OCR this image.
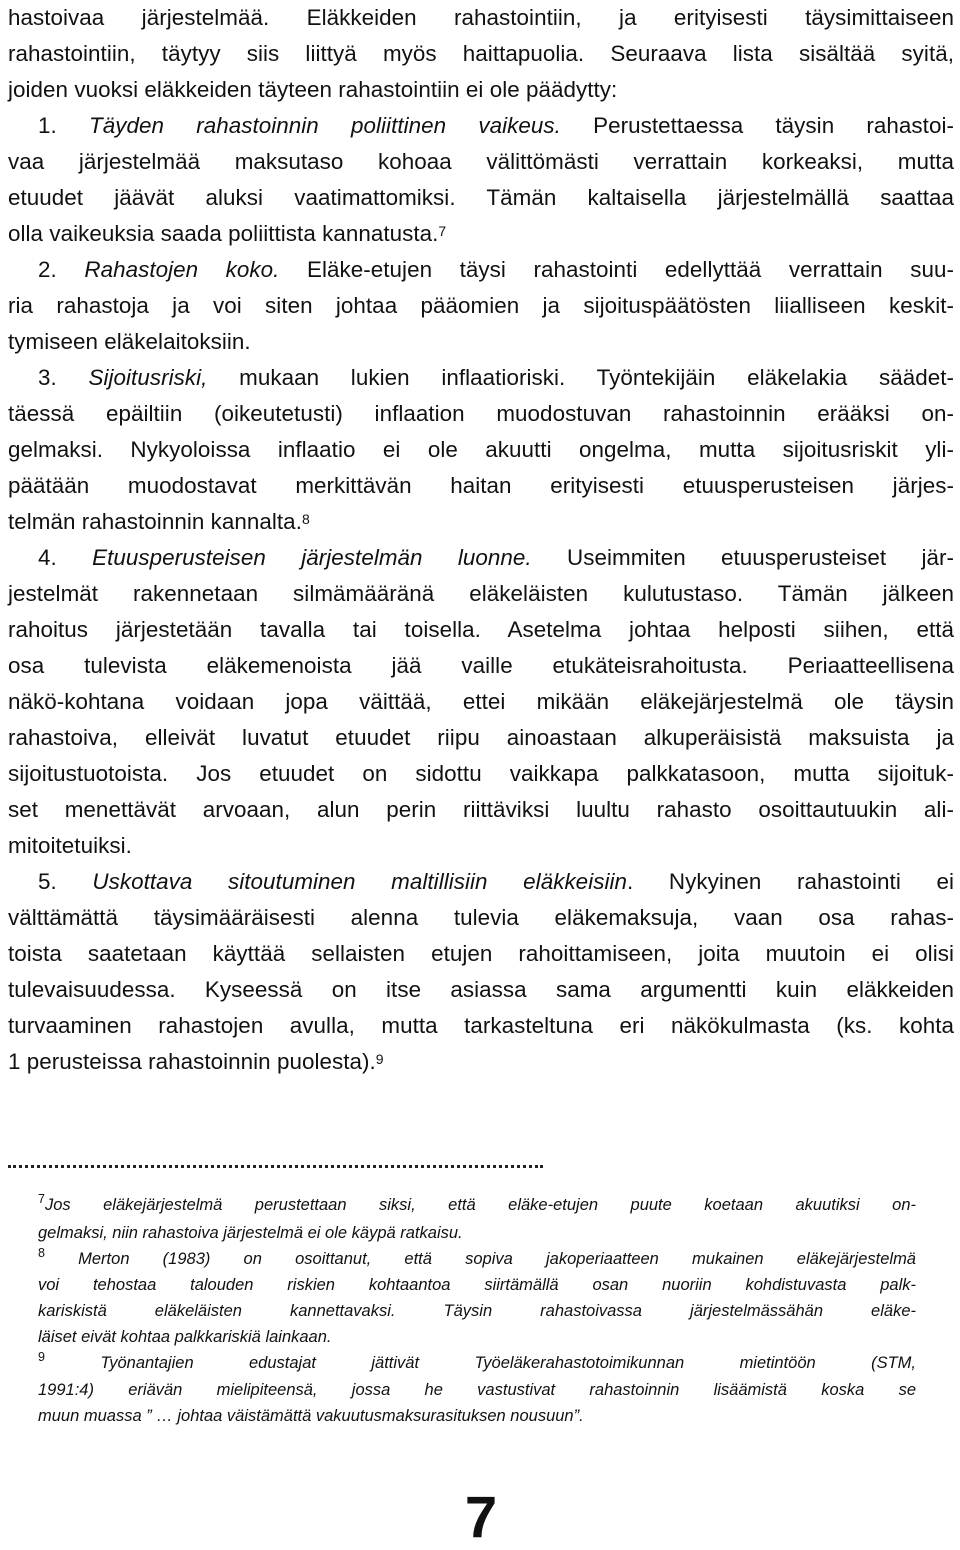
hastoivaa järjestelmää. Eläkkeiden rahastointiin, ja erityisesti täysimittaiseen
rahastointiin, täytyy siis liittyä myös haittapuolia. Seuraava lista sisältää syitä,
joiden vuoksi eläkkeiden täyteen rahastointiin ei ole päädytty:
1. Täyden rahastoinnin poliittinen vaikeus. Perustettaessa täysin rahastoi-
vaa järjestelmää maksutaso kohoaa välittömästi verrattain korkeaksi, mutta
etuudet jäävät aluksi vaatimattomiksi. Tämän kaltaisella järjestelmällä saattaa
olla vaikeuksia saada poliittista kannatusta.$^7$
2. Rahastojen koko. Eläke-etujen täysi rahastointi edellyttää verrattain suu-
ria rahastoja ja voi siten johtaa pääomien ja sijoituspäätösten liialliseen keskit-
tymiseen eläkelaitoksiin.
3. Sijoitusriski, mukaan lukien inflaatioriski. Työntekijäin eläkelakia säädet-
täessä epäiltiin (oikeutetusti) inflaation muodostuvan rahastoinnin erääksi on-
gelmaksi. Nykyoloissa inflaatio ei ole akuutti ongelma, mutta sijoitusriskit yli-
päätään muodostavat merkittävän haitan erityisesti etuusperusteisen järjes-
telmän rahastoinnin kannalta.$^8$
4. Etuusperusteisen järjestelmän luonne. Useimmiten etuusperusteiset jär-
jestelmät rakennetaan silmämääränä eläkeläisten kulutustaso. Tämän jälkeen
rahoitus järjestetään tavalla tai toisella. Asetelma johtaa helposti siihen, että
osa tulevista eläkemenoista jää vaille etukäteisrahoitusta. Periaatteellisena
näkö-kohtana voidaan jopa väittää, ettei mikään eläkejärjestelmä ole täysin
rahastoiva, elleivät luvatut etuudet riipu ainoastaan alkuperäisistä maksuista ja
sijoitustuotoista. Jos etuudet on sidottu vaikkapa palkkatasoon, mutta sijoituk-
set menettävät arvoaan, alun perin riittäviksi luultu rahasto osoittautuukin ali-
mitoitetuiksi.
5. Uskottava sitoutuminen maltillisiin eläkkeisiin. Nykyinen rahastointi ei
välttämättä täysimääräisesti alenna tulevia eläkemaksuja, vaan osa rahas-
toista saatetaan käyttää sellaisten etujen rahoittamiseen, joita muutoin ei olisi
tulevaisuudessa. Kyseessä on itse asiassa sama argumentti kuin eläkkeiden
turvaaminen rahastojen avulla, mutta tarkasteltuna eri näkökulmasta (ks. kohta
1 perusteissa rahastoinnin puolesta).$^9$
$^7$Jos eläkejärjestelmä perustettaan siksi, että eläke-etujen puute koetaan akuutiksi on-
gelmaksi, niin rahastoiva järjestelmä ei ole käypä ratkaisu.
$^8$ Merton (1983) on osoittanut, että sopiva jakoperiaatteen mukainen eläkejärjestelmä
voi tehostaa talouden riskien kohtaantoa siirtämällä osan nuoriin kohdistuvasta palk-
kariskistä eläkeläisten kannettavaksi. Täysin rahastoivassa järjestelmässähän eläke-
läiset eivät kohtaa palkkariskiä lainkaan.
$^9$	Työnantajien edustajat jättivät Työeläkerahastotoimikunnan mietintöön (STM,
1991:4) eriävän mielipiteensä, jossa he vastustivat rahastoinnin lisäämistä koska se
muun muassa ” … johtaa väistämättä vakuutusmaksurasituksen nousuun”.
7
